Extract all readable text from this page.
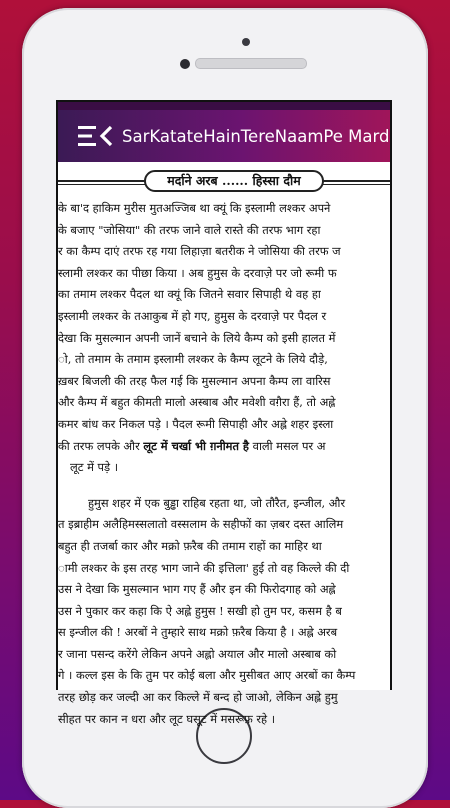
SarKatateHainTereNaamPe Mard
मर्दाने अरब ...... हिस्सा दौम
के बा'द हाकिम मुरीस मुतअज्जिब था क्यूं कि इस्लामी लश्कर अपने
के बजाए "जोसिया" की तरफ जाने वाले रास्ते की तरफ भाग रहा
र का कैम्प दाएं तरफ रह गया लिहाज़ा बतरीक ने जोसिया की तरफ ज
स्लामी लश्कर का पीछा किया । अब हुमुस के दरवाज़े पर जो रूमी फ
का तमाम लश्कर पैदल था क्यूं कि जितने सवार सिपाही थे वह हा
इस्लामी लश्कर के तआकुब में हो गए, हुमुस के दरवाज़े पर पैदल र
देखा कि मुसल्मान अपनी जानें बचाने के लिये कैम्प को इसी हालत में
ो, तो तमाम के तमाम इस्लामी लश्कर के कैम्प लूटने के लिये दौड़े,
ख़बर बिजली की तरह फैल गई कि मुसल्मान अपना कैम्प ला वारिस
और कैम्प में बहुत कीमती मालो अस्बाब और मवेशी वग़ैरा हैं, तो अह्ले
कमर बांध कर निकल पड़े । पैदल रूमी सिपाही और अह्ले शहर इस्ला
की तरफ लपके और लूट में चर्खा भी ग़नीमत है वाली मसल पर अ
लूट में पड़े ।
हुमुस शहर में एक बुड्ढा राहिब रहता था, जो तौरैत, इन्जील, और
त इब्राहीम अलैहिमस्सलातो वस्सलाम के सहीफों का ज़बर दस्त आलिम
बहुत ही तजर्बा कार और मक्रो फ़रैब की तमाम राहों का माहिर था
ामी लश्कर के इस तरह भाग जाने की इत्तिला' हुई तो वह किल्ले की दी
उस ने देखा कि मुसल्मान भाग गए हैं और इन की फिरोदगाह को अह्ले
उस ने पुकार कर कहा कि ऐ अह्ले हुमुस ! सखी हो तुम पर, कसम है ब
स इन्जील की ! अरबों ने तुम्हारे साथ मक्रो फ़रैब किया है । अह्ले अरब
र जाना पसन्द करेंगे लेकिन अपने अह्लो अयाल और मालो अस्बाब को
गे । कल्ल इस के कि तुम पर कोई बला और मुसीबत आए अरबों का कैम्प
तरह छोड़ कर जल्दी आ कर किल्ले में बन्द हो जाओ, लेकिन अह्ले हुमु
सीहत पर कान न धरा और लूट घसूट में मसरूफ़ रहे ।
